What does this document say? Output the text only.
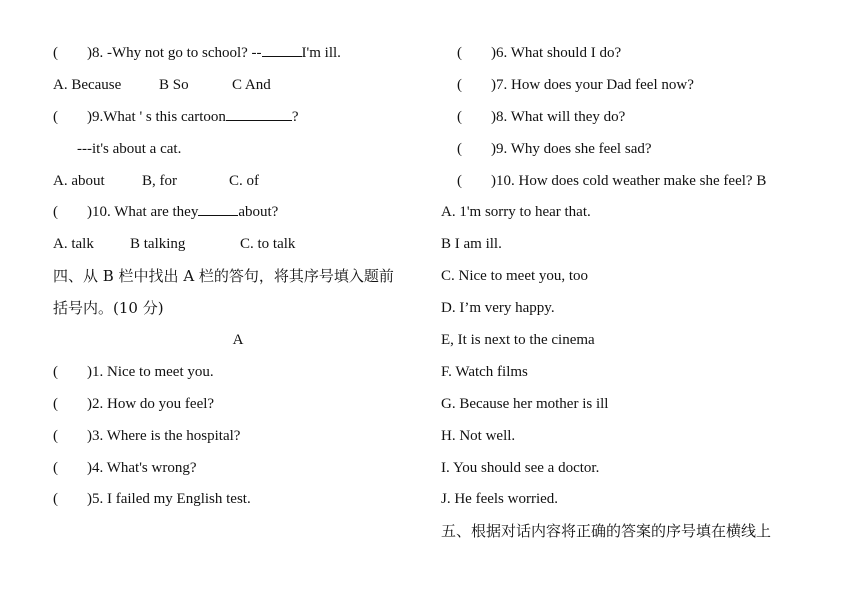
( )8. -Why not go to school? --	I'm ill.
A. Because	B So	C And
( )9.What ' s this cartoon	?
---it's about a cat.
A. about B, for	C. of
( )10. What are they	about?
A. talk B talking	C. to talk
四、从 B 栏中找出 A 栏的答句，将其序号填入题前
括号内。(10 分)
A
( )1. Nice to meet you.
( )2. How do you feel?
( )3. Where is the hospital?
( )4. What's wrong?
( )5. I failed my English test.
( )6. What should I do?
( )7. How does your Dad feel now?
( )8. What will they do?
( )9. Why does she feel sad?
( )10. How does cold weather make she feel? B
A. 1'm sorry to hear that.
B I am ill.
C. Nice to meet you, too
D. I’m very happy.
E, It is next to the cinema
F. Watch films
G. Because her mother is ill
H. Not well.
I. You should see a doctor.
J. He feels worried.
五、根据对话内容将正确的答案的序号填在横线上
